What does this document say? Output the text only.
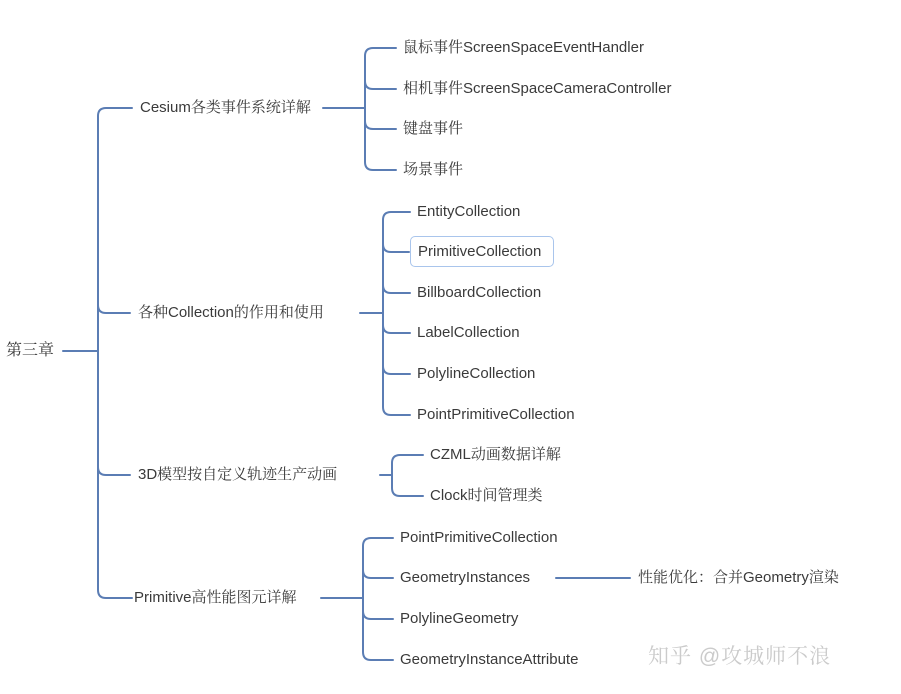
第三章
Cesium各类事件系统详解
鼠标事件ScreenSpaceEventHandler
相机事件ScreenSpaceCameraController
键盘事件
场景事件
各种Collection的作用和使用
EntityCollection
PrimitiveCollection
BillboardCollection
LabelCollection
PolylineCollection
PointPrimitiveCollection
3D模型按自定义轨迹生产动画
CZML动画数据详解
Clock时间管理类
Primitive高性能图元详解
PointPrimitiveCollection
GeometryInstances	性能优化：合并Geometry渲染
PolylineGeometry
GeometryInstanceAttribute	知乎 @攻城师不浪
